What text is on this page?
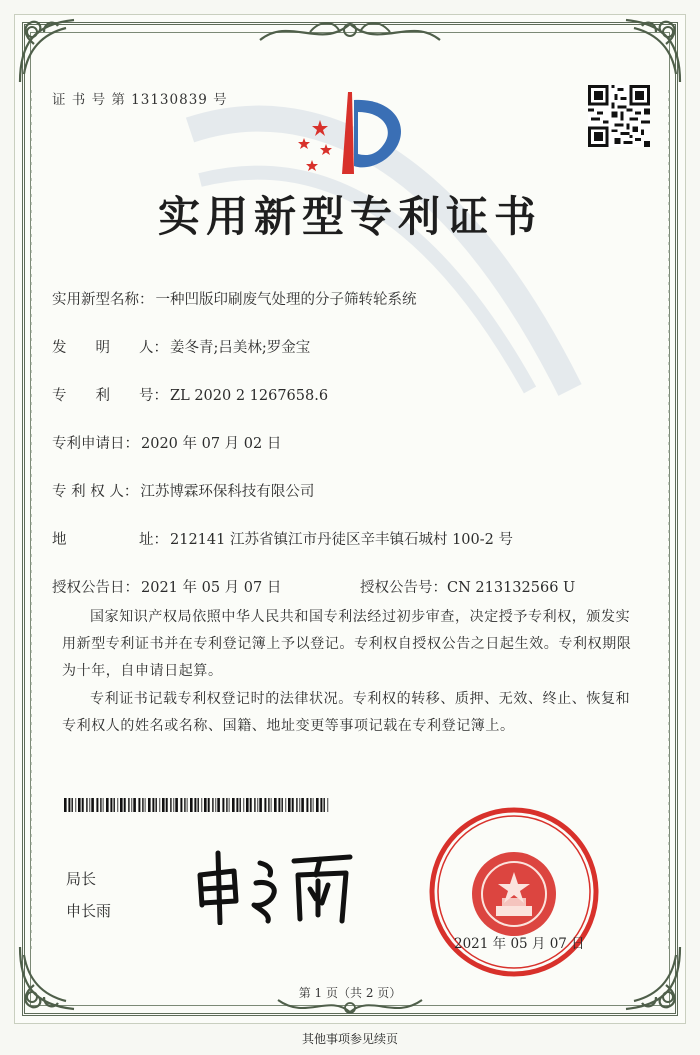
证 书 号 第 13130839 号
实用新型专利证书
实用新型名称： 一种凹版印刷废气处理的分子筛转轮系统
发　　明　　人： 姜冬青;吕美林;罗金宝
专　　利　　号： ZL 2020 2 1267658.6
专利申请日： 2020 年 07 月 02 日
专 利 权 人： 江苏博霖环保科技有限公司
地　　　　　址： 212141 江苏省镇江市丹徒区辛丰镇石城村 100-2 号
授权公告日： 2021 年 05 月 07 日	授权公告号：CN 213132566 U
国家知识产权局依照中华人民共和国专利法经过初步审查，决定授予专利权，颁发实用新型专利证书并在专利登记簿上予以登记。专利权自授权公告之日起生效。专利权期限为十年，自申请日起算。
专利证书记载专利权登记时的法律状况。专利权的转移、质押、无效、终止、恢复和专利权人的姓名或名称、国籍、地址变更等事项记载在专利登记簿上。
局长
申长雨
2021 年 05 月 07 日
第 1 页（共 2 页）
其他事项参见续页
